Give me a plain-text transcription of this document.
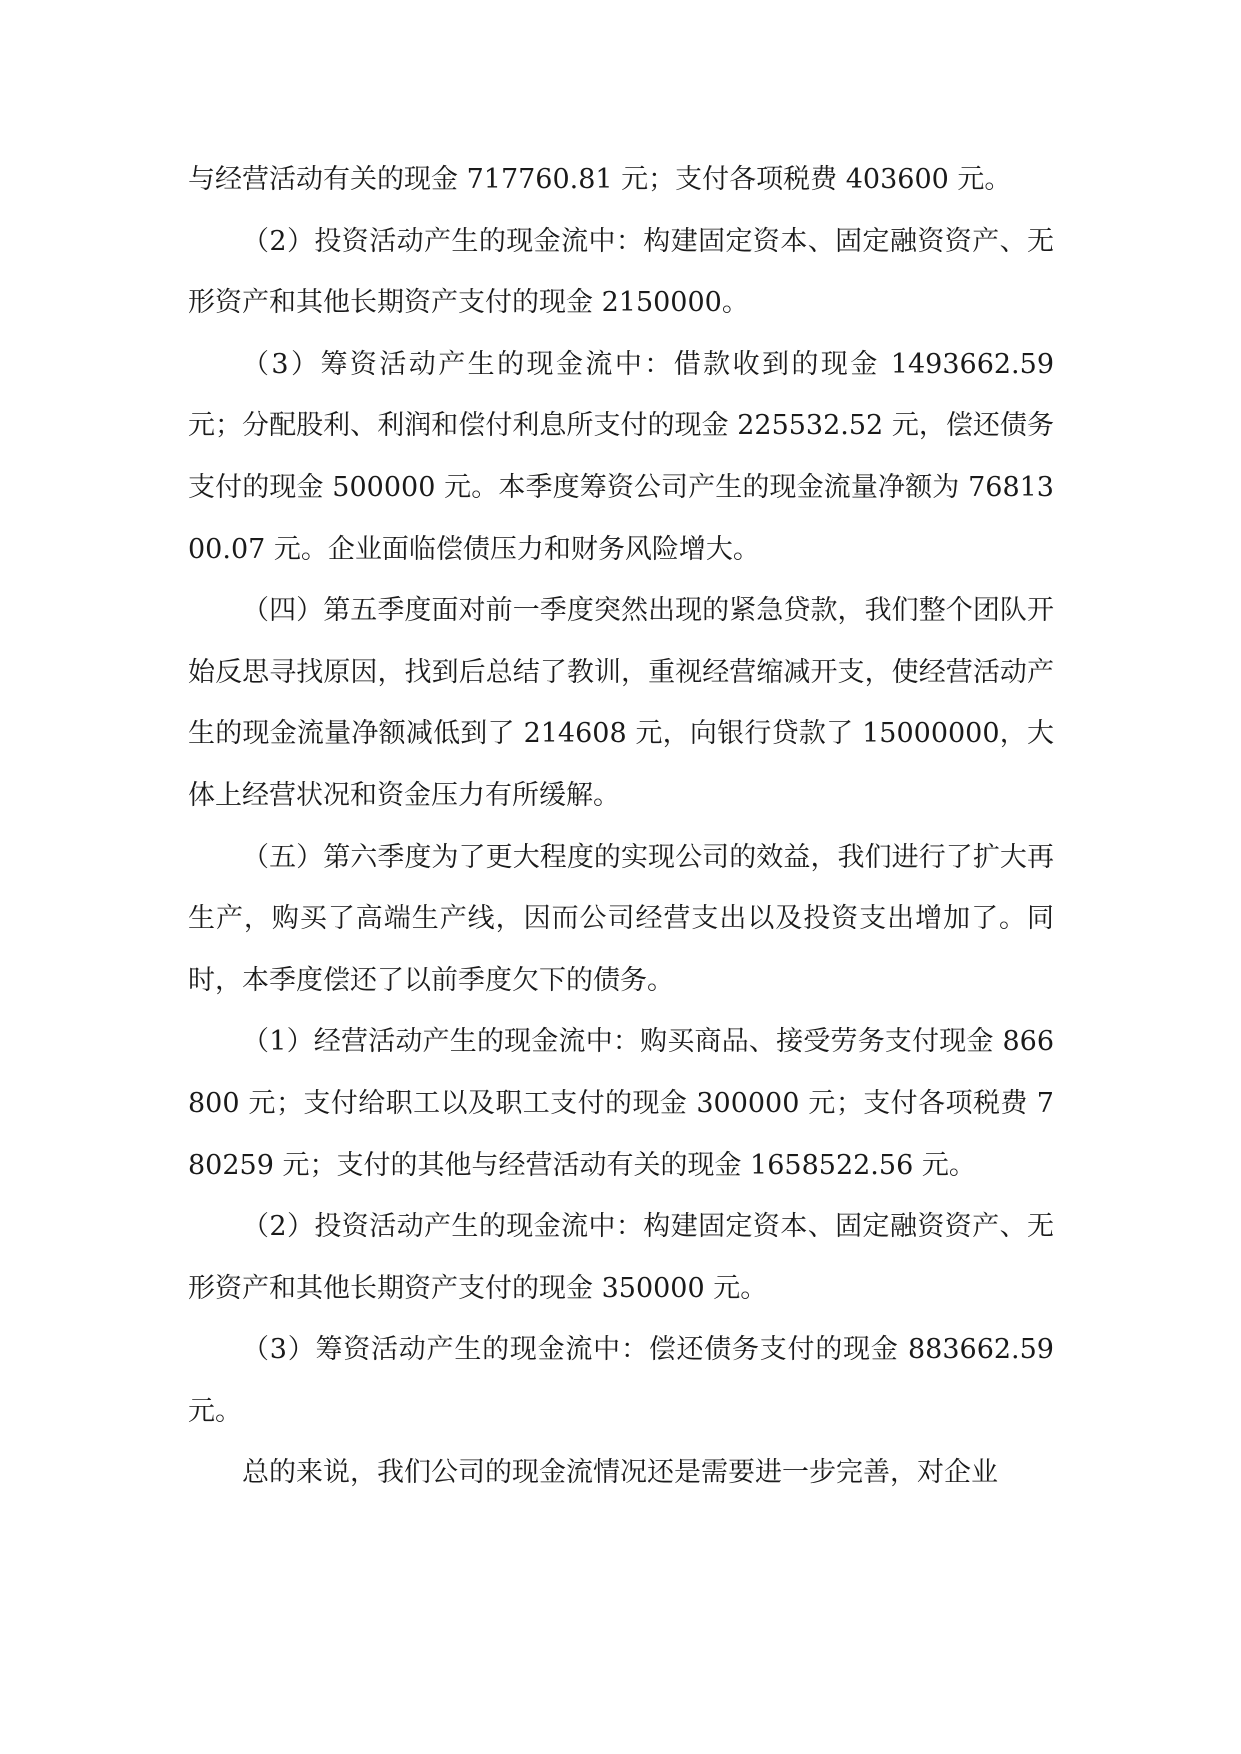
与经营活动有关的现金 717760.81 元；支付各项税费 403600 元。

（2）投资活动产生的现金流中：构建固定资本、固定融资资产、无形资产和其他长期资产支付的现金 2150000。

（3）筹资活动产生的现金流中：借款收到的现金 1493662.59 元；分配股利、利润和偿付利息所支付的现金 225532.52 元，偿还债务支付的现金 500000 元。本季度筹资公司产生的现金流量净额为 7681300.07 元。企业面临偿债压力和财务风险增大。

（四）第五季度面对前一季度突然出现的紧急贷款，我们整个团队开始反思寻找原因，找到后总结了教训，重视经营缩减开支，使经营活动产生的现金流量净额减低到了 214608 元，向银行贷款了 15000000，大体上经营状况和资金压力有所缓解。

（五）第六季度为了更大程度的实现公司的效益，我们进行了扩大再生产，购买了高端生产线，因而公司经营支出以及投资支出增加了。同时，本季度偿还了以前季度欠下的债务。

（1）经营活动产生的现金流中：购买商品、接受劳务支付现金 866800 元；支付给职工以及职工支付的现金 300000 元；支付各项税费 780259 元；支付的其他与经营活动有关的现金 1658522.56 元。

（2）投资活动产生的现金流中：构建固定资本、固定融资资产、无形资产和其他长期资产支付的现金 350000 元。

（3）筹资活动产生的现金流中：偿还债务支付的现金 883662.59 元。

总的来说，我们公司的现金流情况还是需要进一步完善，对企业
